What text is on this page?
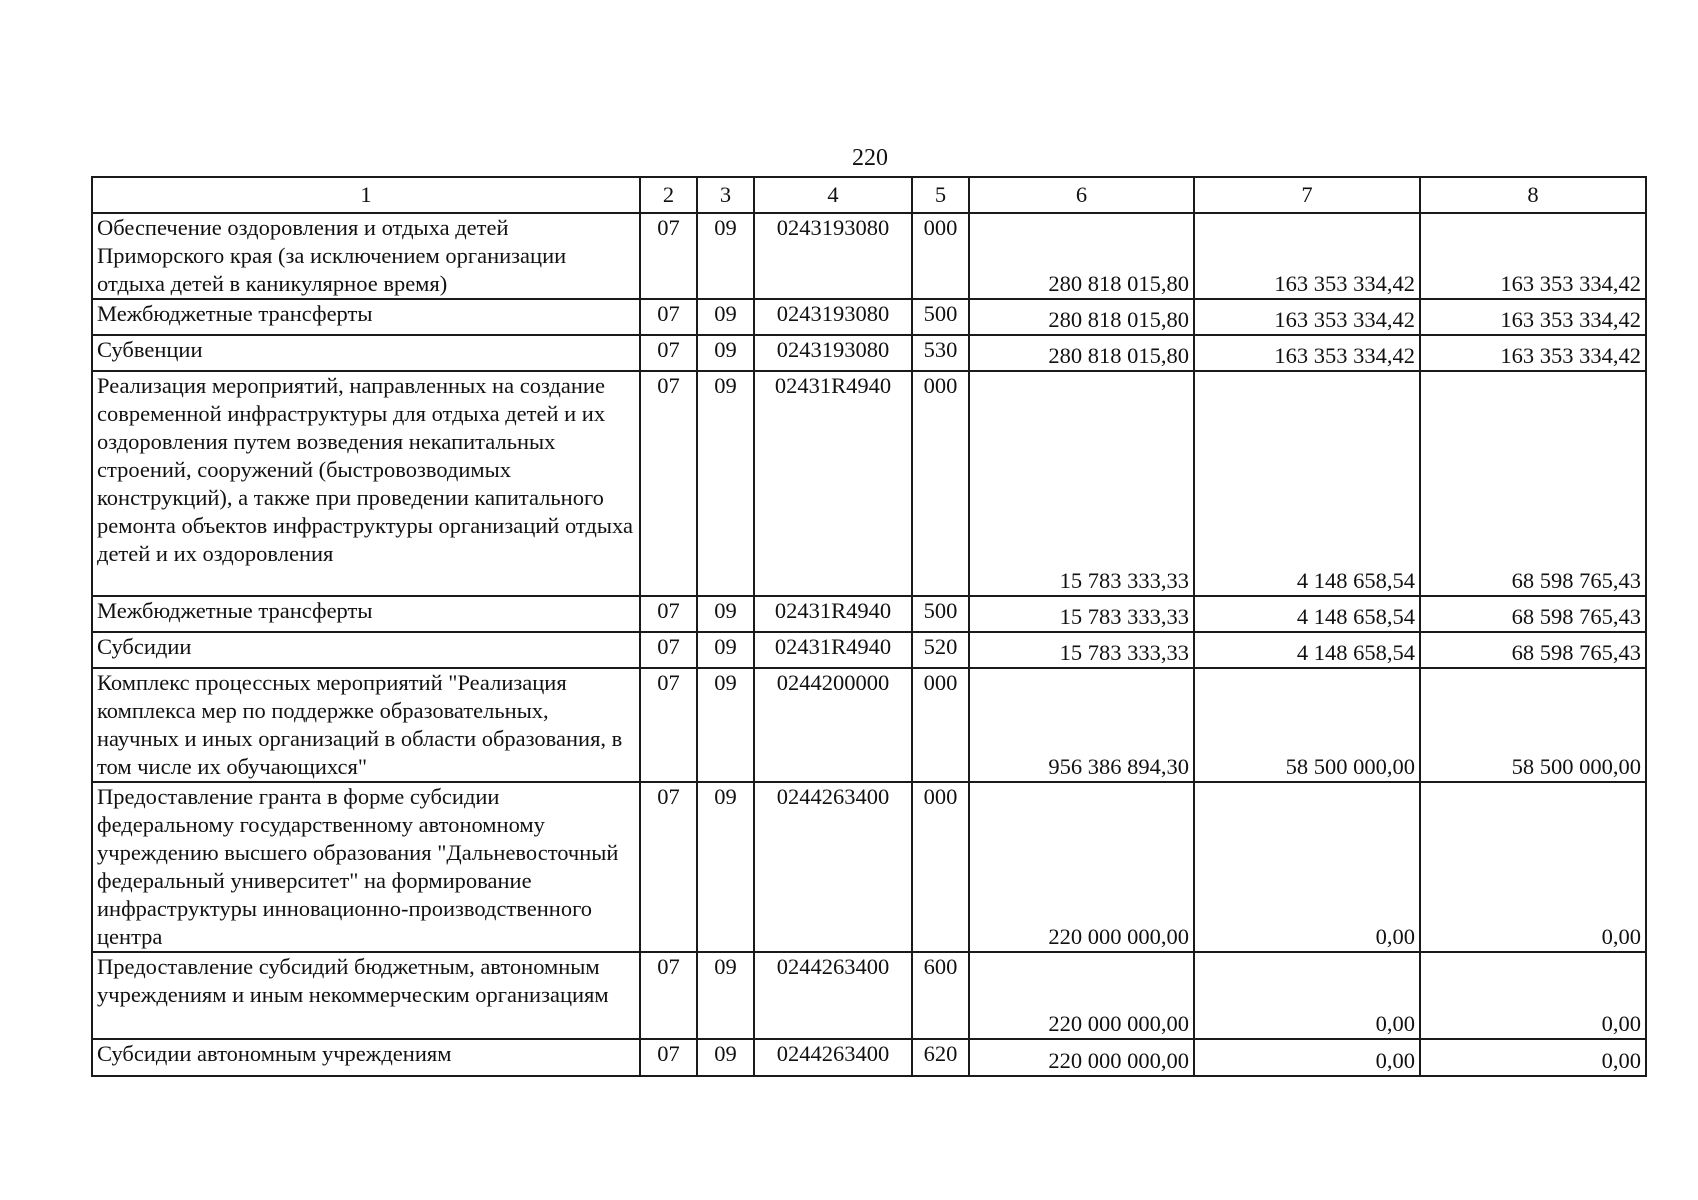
220
1	2	3	4	5	6	7	8
Обеспечение оздоровления и отдыха детей Приморского края (за исключением организации отдыха детей в каникулярное время)	07	09	0243193080	000	280 818 015,80	163 353 334,42	163 353 334,42
Межбюджетные трансферты	07	09	0243193080	500	280 818 015,80	163 353 334,42	163 353 334,42
Субвенции	07	09	0243193080	530	280 818 015,80	163 353 334,42	163 353 334,42
Реализация мероприятий, направленных на создание современной инфраструктуры для отдыха детей и их оздоровления путем возведения некапитальных строений, сооружений (быстровозводимых конструкций), а также при проведении капитального ремонта объектов инфраструктуры организаций отдыха детей и их оздоровления	07	09	02431R4940	000	15 783 333,33	4 148 658,54	68 598 765,43
Межбюджетные трансферты	07	09	02431R4940	500	15 783 333,33	4 148 658,54	68 598 765,43
Субсидии	07	09	02431R4940	520	15 783 333,33	4 148 658,54	68 598 765,43
Комплекс процессных мероприятий "Реализация комплекса мер по поддержке образовательных, научных и иных организаций в области образования, в том числе их обучающихся"	07	09	0244200000	000	956 386 894,30	58 500 000,00	58 500 000,00
Предоставление гранта в форме субсидии федеральному государственному автономному учреждению высшего образования "Дальневосточный федеральный университет" на формирование инфраструктуры инновационно-производственного центра	07	09	0244263400	000	220 000 000,00	0,00	0,00
Предоставление субсидий бюджетным, автономным учреждениям и иным некоммерческим организациям	07	09	0244263400	600	220 000 000,00	0,00	0,00
Субсидии автономным учреждениям	07	09	0244263400	620	220 000 000,00	0,00	0,00
